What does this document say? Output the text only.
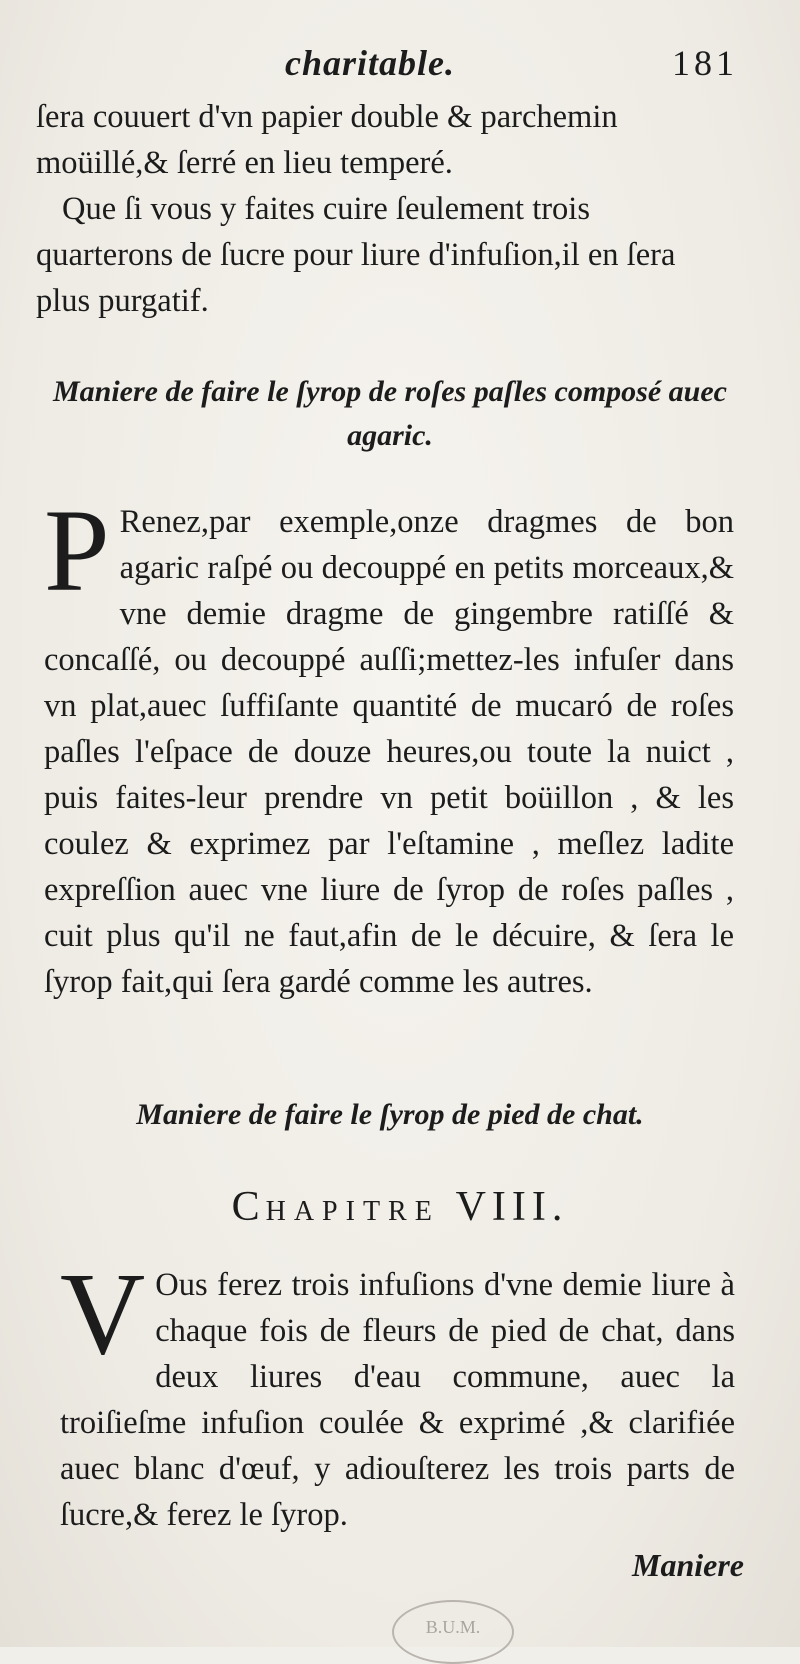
charitable.	181
ſera couuert d'vn papier double & parchemin moüillé,& ſerré en lieu temperé.
Que ſi vous y faites cuire ſeulement trois quarterons de ſucre pour liure d'infuſion,il en ſera plus purgatif.
Maniere de faire le ſyrop de roſes paſles composé auec agaric.
P Renez,par exemple,onze dragmes de bon agaric raſpé ou decouppé en petits morceaux,& vne demie dragme de gingembre ratiſſé & concaſſé, ou decouppé auſſi;mettez-les infuſer dans vn plat,auec ſuffiſante quantité de mucaró de roſes paſles l'eſpace de douze heures,ou toute la nuict , puis faites-leur prendre vn petit boüillon , & les coulez & exprimez par l'eſtamine , meſlez ladite expreſſion auec vne liure de ſyrop de roſes paſles , cuit plus qu'il ne faut,afin de le décuire, & ſera le ſyrop fait,qui ſera gardé comme les autres.
Maniere de faire le ſyrop de pied de chat.
CHAPITRE VIII.
V Ous ferez trois infuſions d'vne demie liure à chaque fois de fleurs de pied de chat, dans deux liures d'eau commune, auec la troiſieſme infuſion coulée & exprimé ,& clarifiée auec blanc d'œuf, y adiouſterez les trois parts de ſucre,& ferez le ſyrop.
Maniere
B.U.M.
